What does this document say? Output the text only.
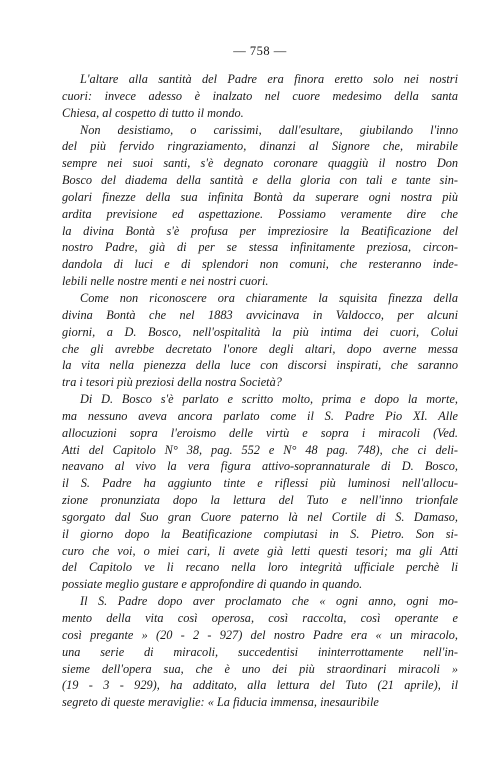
— 758 —

L'altare alla santità del Padre era finora eretto solo nei nostri
cuori: invece adesso è inalzato nel cuore medesimo della santa
Chiesa, al cospetto di tutto il mondo.

Non desistiamo, o carissimi, dall'esultare, giubilando l'inno
del più fervido ringraziamento, dinanzi al Signore che, mirabile
sempre nei suoi santi, s'è degnato coronare quaggiù il nostro Don
Bosco del diadema della santità e della gloria con tali e tante sin-
golari finezze della sua infinita Bontà da superare ogni nostra più
ardita previsione ed aspettazione. Possiamo veramente dire che
la divina Bontà s'è profusa per impreziosire la Beatificazione del
nostro Padre, già di per se stessa infinitamente preziosa, circon-
dandola di luci e di splendori non comuni, che resteranno inde-
lebili nelle nostre menti e nei nostri cuori.

Come non riconoscere ora chiaramente la squisita finezza della
divina Bontà che nel 1883 avvicinava in Valdocco, per alcuni
giorni, a D. Bosco, nell'ospitalità la più intima dei cuori, Colui
che gli avrebbe decretato l'onore degli altari, dopo averne messa
la vita nella pienezza della luce con discorsi inspirati, che saranno
tra i tesori più preziosi della nostra Società?

Di D. Bosco s'è parlato e scritto molto, prima e dopo la morte,
ma nessuno aveva ancora parlato come il S. Padre Pio XI. Alle
allocuzioni sopra l'eroismo delle virtù e sopra i miracoli (Ved.
Atti del Capitolo N° 38, pag. 552 e N° 48 pag. 748), che ci deli-
neavano al vivo la vera figura attivo-soprannaturale di D. Bosco,
il S. Padre ha aggiunto tinte e riflessi più luminosi nell'allocu-
zione pronunziata dopo la lettura del Tuto e nell'inno trionfale
sgorgato dal Suo gran Cuore paterno là nel Cortile di S. Damaso,
il giorno dopo la Beatificazione compiutasi in S. Pietro. Son si-
curo che voi, o miei cari, li avete già letti questi tesori; ma gli Atti
del Capitolo ve li recano nella loro integrità ufficiale perchè li
possiate meglio gustare e approfondire di quando in quando.

Il S. Padre dopo aver proclamato che « ogni anno, ogni mo-
mento della vita così operosa, così raccolta, così operante e
così pregante » (20 - 2 - 927) del nostro Padre era « un miracolo,
una serie di miracoli, succedentisi ininterrottamente nell'in-
sieme dell'opera sua, che è uno dei più straordinari miracoli »
(19 - 3 - 929), ha additato, alla lettura del Tuto (21 aprile), il
segreto di queste meraviglie: « La fiducia immensa, inesauribile
